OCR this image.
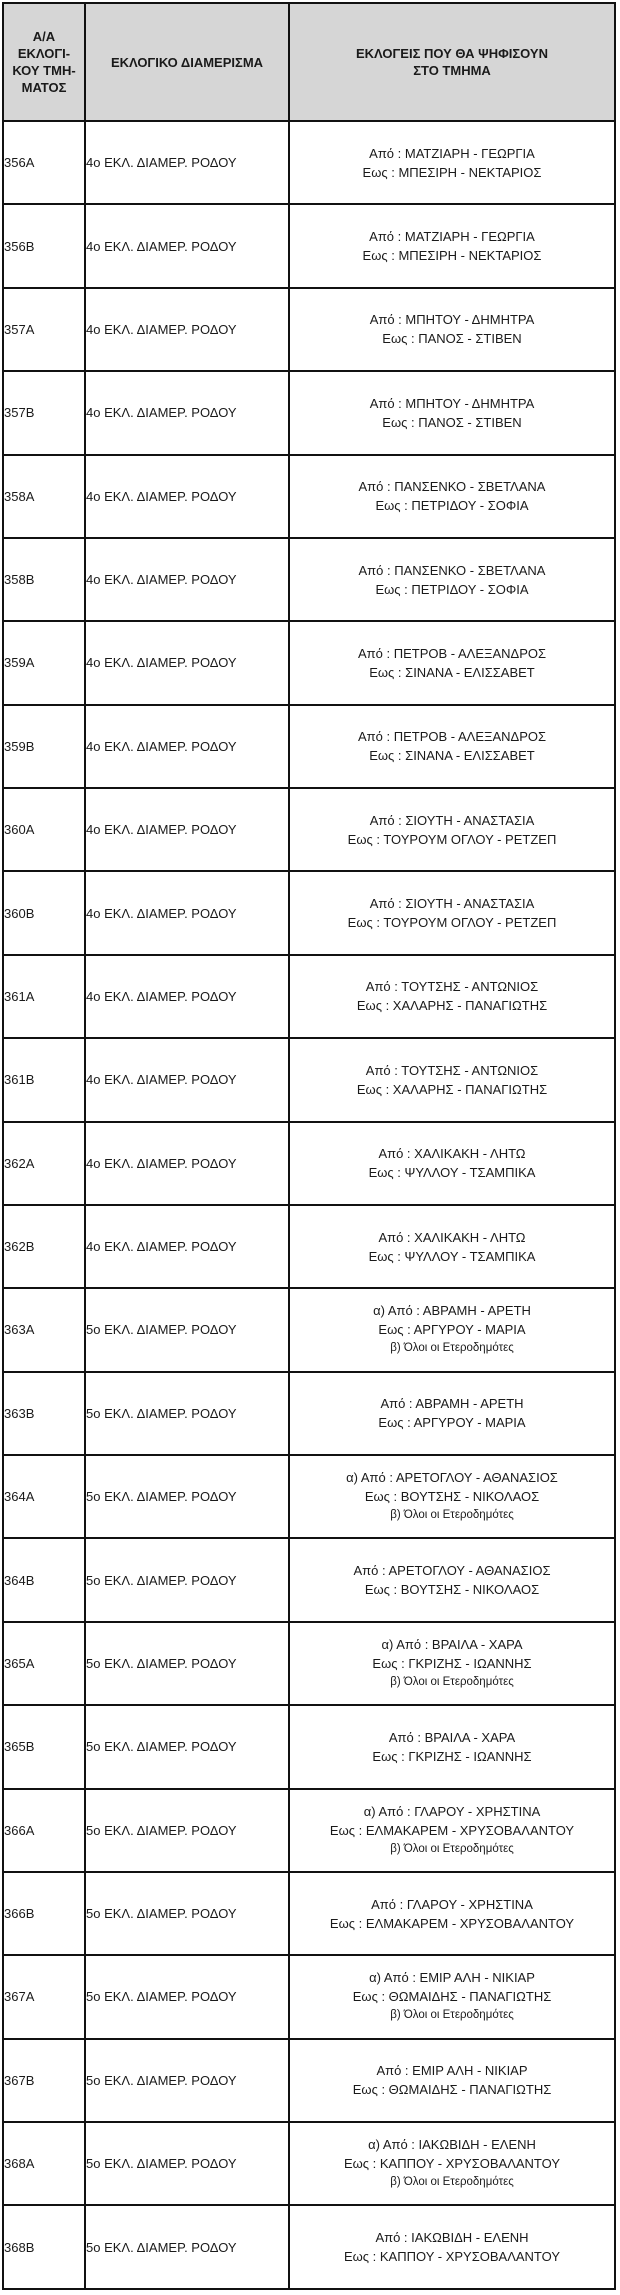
Α/Α
ΕΚΛΟΓΙ-
ΚΟΥ ΤΜΗ-
ΜΑΤΟΣ	ΕΚΛΟΓΙΚΟ ΔΙΑΜΕΡΙΣΜΑ	ΕΚΛΟΓΕΙΣ ΠΟΥ ΘΑ ΨΗΦΙΣΟΥΝ
ΣΤΟ ΤΜΗΜΑ

356Α	4ο ΕΚΛ. ΔΙΑΜΕΡ. ΡΟΔΟΥ	Από : ΜΑΤΖΙΑΡΗ - ΓΕΩΡΓΙΑ
Εως : ΜΠΕΣΙΡΗ - ΝΕΚΤΑΡΙΟΣ

356Β	4ο ΕΚΛ. ΔΙΑΜΕΡ. ΡΟΔΟΥ	Από : ΜΑΤΖΙΑΡΗ - ΓΕΩΡΓΙΑ
Εως : ΜΠΕΣΙΡΗ - ΝΕΚΤΑΡΙΟΣ

357Α	4ο ΕΚΛ. ΔΙΑΜΕΡ. ΡΟΔΟΥ	Από : ΜΠΗΤΟΥ - ΔΗΜΗΤΡΑ
Εως : ΠΑΝΟΣ - ΣΤΙΒΕΝ

357Β	4ο ΕΚΛ. ΔΙΑΜΕΡ. ΡΟΔΟΥ	Από : ΜΠΗΤΟΥ - ΔΗΜΗΤΡΑ
Εως : ΠΑΝΟΣ - ΣΤΙΒΕΝ

358Α	4ο ΕΚΛ. ΔΙΑΜΕΡ. ΡΟΔΟΥ	Από : ΠΑΝΣΕΝΚΟ - ΣΒΕΤΛΑΝΑ
Εως : ΠΕΤΡΙΔΟΥ - ΣΟΦΙΑ

358Β	4ο ΕΚΛ. ΔΙΑΜΕΡ. ΡΟΔΟΥ	Από : ΠΑΝΣΕΝΚΟ - ΣΒΕΤΛΑΝΑ
Εως : ΠΕΤΡΙΔΟΥ - ΣΟΦΙΑ

359Α	4ο ΕΚΛ. ΔΙΑΜΕΡ. ΡΟΔΟΥ	Από : ΠΕΤΡΟΒ - ΑΛΕΞΑΝΔΡΟΣ
Εως : ΣΙΝΑΝΑ - ΕΛΙΣΣΑΒΕΤ

359Β	4ο ΕΚΛ. ΔΙΑΜΕΡ. ΡΟΔΟΥ	Από : ΠΕΤΡΟΒ - ΑΛΕΞΑΝΔΡΟΣ
Εως : ΣΙΝΑΝΑ - ΕΛΙΣΣΑΒΕΤ

360Α	4ο ΕΚΛ. ΔΙΑΜΕΡ. ΡΟΔΟΥ	Από : ΣΙΟΥΤΗ - ΑΝΑΣΤΑΣΙΑ
Εως : ΤΟΥΡΟΥΜ ΟΓΛΟΥ - ΡΕΤΖΕΠ

360Β	4ο ΕΚΛ. ΔΙΑΜΕΡ. ΡΟΔΟΥ	Από : ΣΙΟΥΤΗ - ΑΝΑΣΤΑΣΙΑ
Εως : ΤΟΥΡΟΥΜ ΟΓΛΟΥ - ΡΕΤΖΕΠ

361Α	4ο ΕΚΛ. ΔΙΑΜΕΡ. ΡΟΔΟΥ	Από : ΤΟΥΤΣΗΣ - ΑΝΤΩΝΙΟΣ
Εως : ΧΑΛΑΡΗΣ - ΠΑΝΑΓΙΩΤΗΣ

361Β	4ο ΕΚΛ. ΔΙΑΜΕΡ. ΡΟΔΟΥ	Από : ΤΟΥΤΣΗΣ - ΑΝΤΩΝΙΟΣ
Εως : ΧΑΛΑΡΗΣ - ΠΑΝΑΓΙΩΤΗΣ

362Α	4ο ΕΚΛ. ΔΙΑΜΕΡ. ΡΟΔΟΥ	Από : ΧΑΛΙΚΑΚΗ - ΛΗΤΩ
Εως : ΨΥΛΛΟΥ - ΤΣΑΜΠΙΚΑ

362Β	4ο ΕΚΛ. ΔΙΑΜΕΡ. ΡΟΔΟΥ	Από : ΧΑΛΙΚΑΚΗ - ΛΗΤΩ
Εως : ΨΥΛΛΟΥ - ΤΣΑΜΠΙΚΑ

363Α	5ο ΕΚΛ. ΔΙΑΜΕΡ. ΡΟΔΟΥ	α) Από : ΑΒΡΑΜΗ - ΑΡΕΤΗ
Εως : ΑΡΓΥΡΟΥ - ΜΑΡΙΑ
β) Όλοι οι Ετεροδημότες

363Β	5ο ΕΚΛ. ΔΙΑΜΕΡ. ΡΟΔΟΥ	Από : ΑΒΡΑΜΗ - ΑΡΕΤΗ
Εως : ΑΡΓΥΡΟΥ - ΜΑΡΙΑ

364Α	5ο ΕΚΛ. ΔΙΑΜΕΡ. ΡΟΔΟΥ	α) Από : ΑΡΕΤΟΓΛΟΥ - ΑΘΑΝΑΣΙΟΣ
Εως : ΒΟΥΤΣΗΣ - ΝΙΚΟΛΑΟΣ
β) Όλοι οι Ετεροδημότες

364Β	5ο ΕΚΛ. ΔΙΑΜΕΡ. ΡΟΔΟΥ	Από : ΑΡΕΤΟΓΛΟΥ - ΑΘΑΝΑΣΙΟΣ
Εως : ΒΟΥΤΣΗΣ - ΝΙΚΟΛΑΟΣ

365Α	5ο ΕΚΛ. ΔΙΑΜΕΡ. ΡΟΔΟΥ	α) Από : ΒΡΑΙΛΑ - ΧΑΡΑ
Εως : ΓΚΡΙΖΗΣ - ΙΩΑΝΝΗΣ
β) Όλοι οι Ετεροδημότες

365Β	5ο ΕΚΛ. ΔΙΑΜΕΡ. ΡΟΔΟΥ	Από : ΒΡΑΙΛΑ - ΧΑΡΑ
Εως : ΓΚΡΙΖΗΣ - ΙΩΑΝΝΗΣ

366Α	5ο ΕΚΛ. ΔΙΑΜΕΡ. ΡΟΔΟΥ	α) Από : ΓΛΑΡΟΥ - ΧΡΗΣΤΙΝΑ
Εως : ΕΛΜΑΚΑΡΕΜ - ΧΡΥΣΟΒΑΛΑΝΤΟΥ
β) Όλοι οι Ετεροδημότες

366Β	5ο ΕΚΛ. ΔΙΑΜΕΡ. ΡΟΔΟΥ	Από : ΓΛΑΡΟΥ - ΧΡΗΣΤΙΝΑ
Εως : ΕΛΜΑΚΑΡΕΜ - ΧΡΥΣΟΒΑΛΑΝΤΟΥ

367Α	5ο ΕΚΛ. ΔΙΑΜΕΡ. ΡΟΔΟΥ	α) Από : ΕΜΙΡ ΑΛΗ - ΝΙΚΙΑΡ
Εως : ΘΩΜΑΙΔΗΣ - ΠΑΝΑΓΙΩΤΗΣ
β) Όλοι οι Ετεροδημότες

367Β	5ο ΕΚΛ. ΔΙΑΜΕΡ. ΡΟΔΟΥ	Από : ΕΜΙΡ ΑΛΗ - ΝΙΚΙΑΡ
Εως : ΘΩΜΑΙΔΗΣ - ΠΑΝΑΓΙΩΤΗΣ

368Α	5ο ΕΚΛ. ΔΙΑΜΕΡ. ΡΟΔΟΥ	α) Από : ΙΑΚΩΒΙΔΗ - ΕΛΕΝΗ
Εως : ΚΑΠΠΟΥ - ΧΡΥΣΟΒΑΛΑΝΤΟΥ
β) Όλοι οι Ετεροδημότες

368Β	5ο ΕΚΛ. ΔΙΑΜΕΡ. ΡΟΔΟΥ	Από : ΙΑΚΩΒΙΔΗ - ΕΛΕΝΗ
Εως : ΚΑΠΠΟΥ - ΧΡΥΣΟΒΑΛΑΝΤΟΥ
